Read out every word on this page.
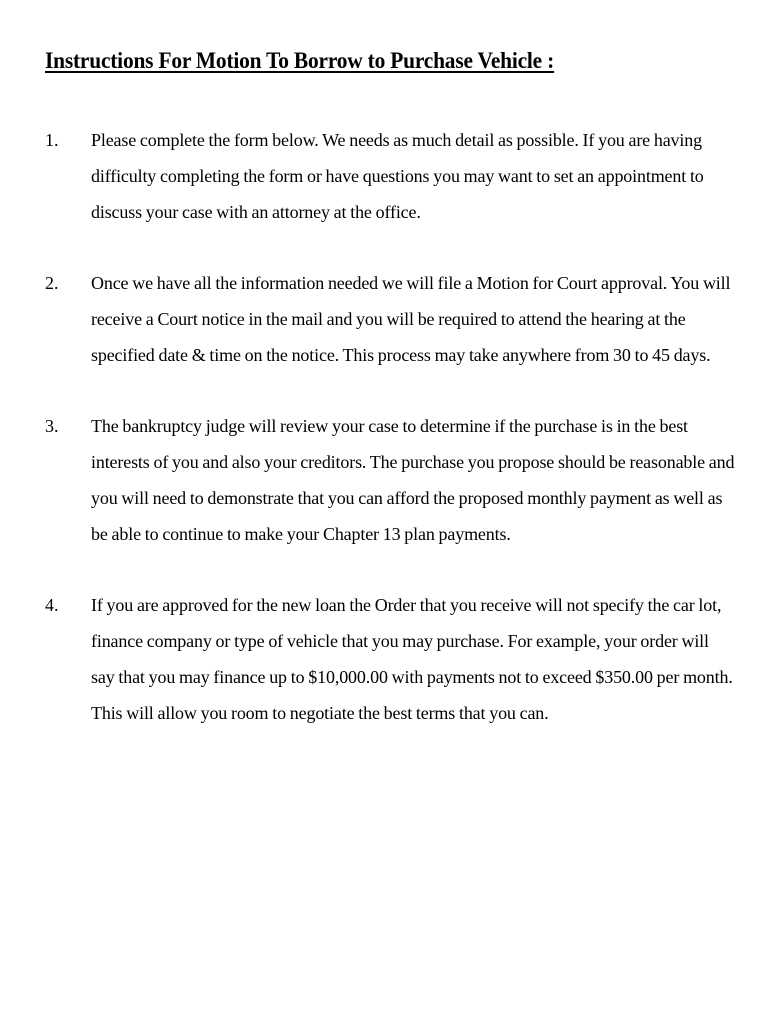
Instructions For Motion To Borrow to Purchase Vehicle :
1. Please complete the form below. We needs as much detail as possible. If you are having difficulty completing the form or have questions you may want to set an appointment to discuss your case with an attorney at the office.
2. Once we have all the information needed we will file a Motion for Court approval. You will receive a Court notice in the mail and you will be required to attend the hearing at the specified date & time on the notice. This process may take anywhere from 30 to 45 days.
3. The bankruptcy judge will review your case to determine if the purchase is in the best interests of you and also your creditors. The purchase you propose should be reasonable and you will need to demonstrate that you can afford the proposed monthly payment as well as be able to continue to make your Chapter 13 plan payments.
4. If you are approved for the new loan the Order that you receive will not specify the car lot, finance company or type of vehicle that you may purchase. For example, your order will say that you may finance up to $10,000.00 with payments not to exceed $350.00 per month. This will allow you room to negotiate the best terms that you can.
